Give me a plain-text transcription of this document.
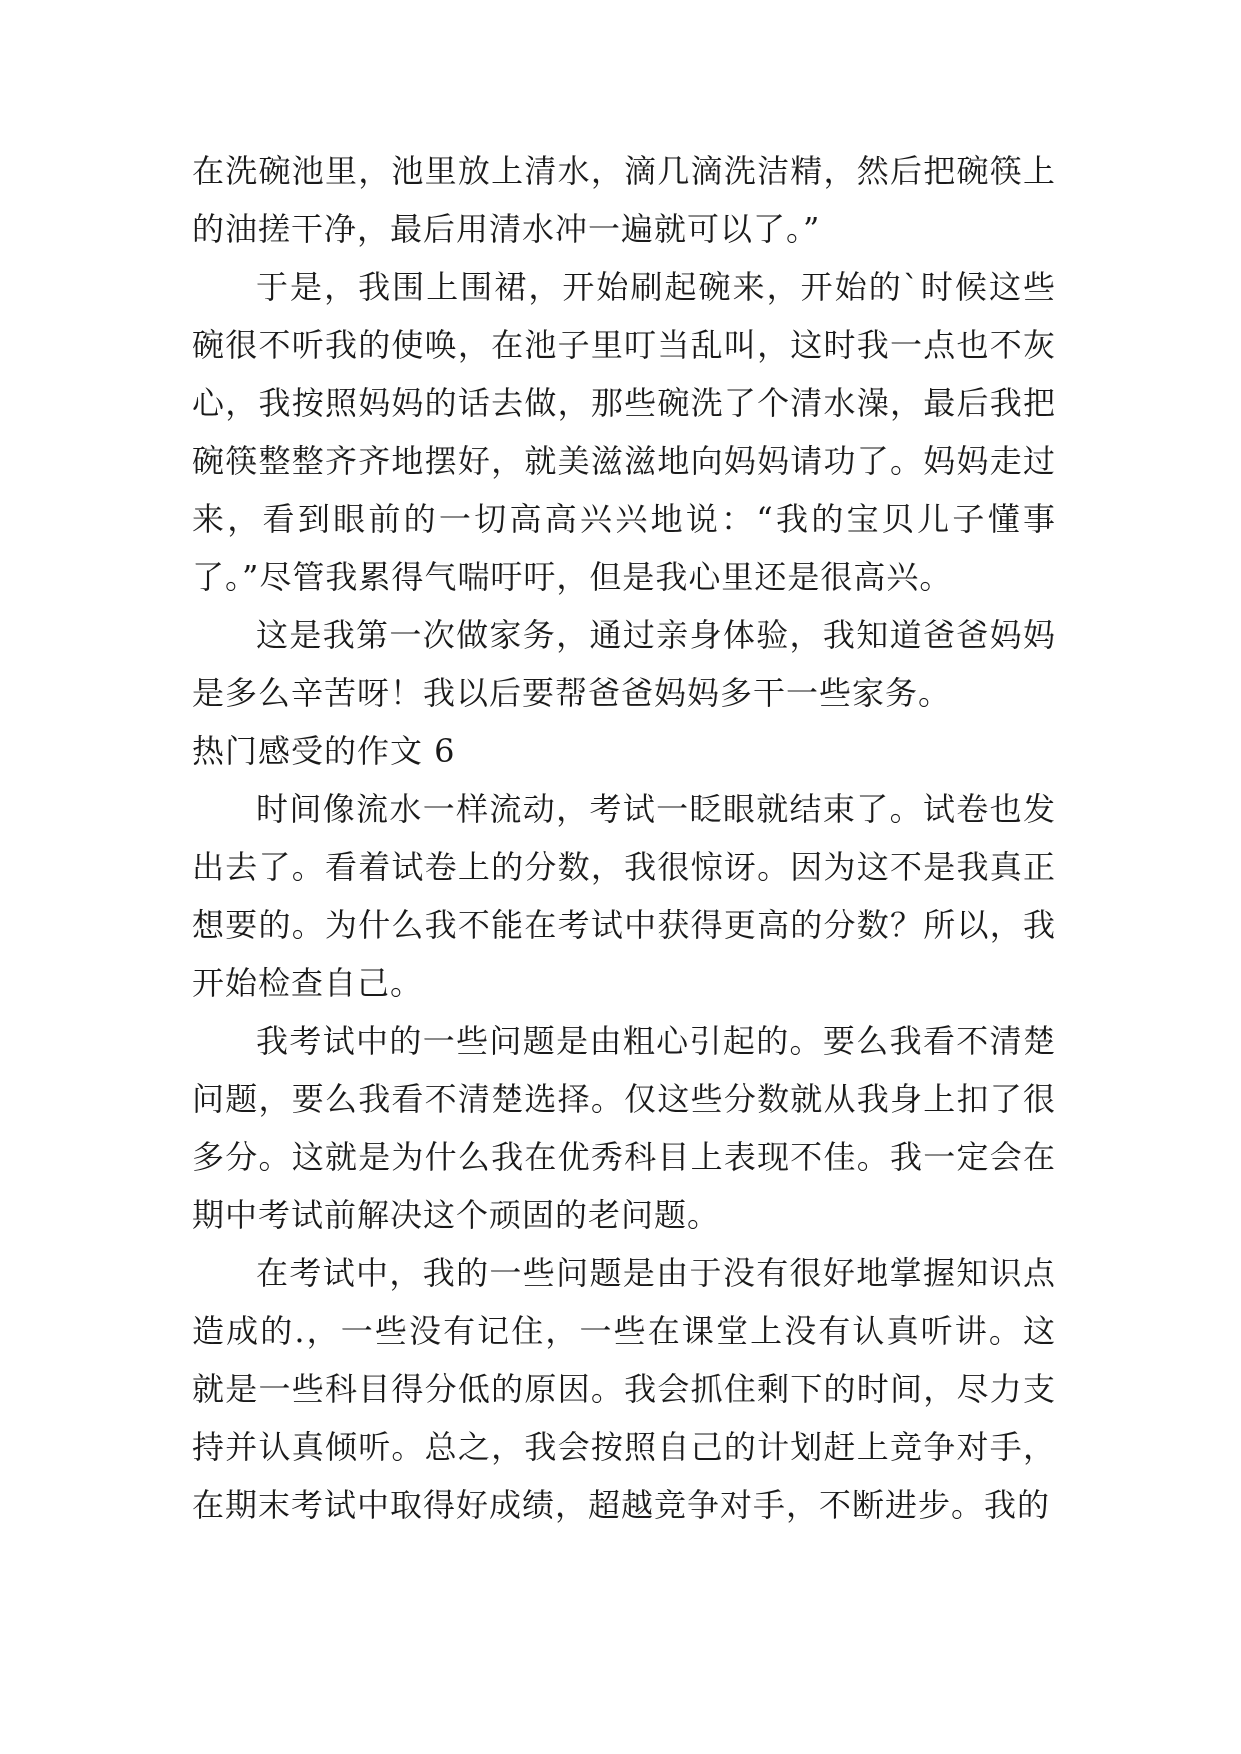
在洗碗池里，池里放上清水，滴几滴洗洁精，然后把碗筷上的油搓干净，最后用清水冲一遍就可以了。”

于是，我围上围裙，开始刷起碗来，开始的`时候这些碗很不听我的使唤，在池子里叮当乱叫，这时我一点也不灰心，我按照妈妈的话去做，那些碗洗了个清水澡，最后我把碗筷整整齐齐地摆好，就美滋滋地向妈妈请功了。妈妈走过来，看到眼前的一切高高兴兴地说：“我的宝贝儿子懂事了。”尽管我累得气喘吁吁，但是我心里还是很高兴。

这是我第一次做家务，通过亲身体验，我知道爸爸妈妈是多么辛苦呀！我以后要帮爸爸妈妈多干一些家务。

热门感受的作文 6

时间像流水一样流动，考试一眨眼就结束了。试卷也发出去了。看着试卷上的分数，我很惊讶。因为这不是我真正想要的。为什么我不能在考试中获得更高的分数？所以，我开始检查自己。

我考试中的一些问题是由粗心引起的。要么我看不清楚问题，要么我看不清楚选择。仅这些分数就从我身上扣了很多分。这就是为什么我在优秀科目上表现不佳。我一定会在期中考试前解决这个顽固的老问题。

在考试中，我的一些问题是由于没有很好地掌握知识点造成的.，一些没有记住，一些在课堂上没有认真听讲。这就是一些科目得分低的原因。我会抓住剩下的时间，尽力支持并认真倾听。总之，我会按照自己的计划赶上竞争对手，在期末考试中取得好成绩，超越竞争对手，不断进步。我的
